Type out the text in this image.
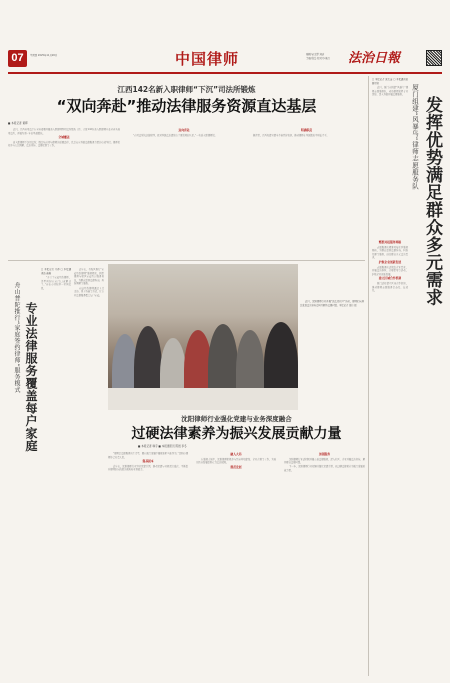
07	星期四 2025年11月20日	中国律师	编辑/苗文婷 刘洁
美编/高岳 校对/李景红	法治日報
江西142名新入职律师“下沉”司法所锻炼
“双向奔赴”推动法律服务资源直达基层
■ 本报记者 黄辉

近日，江西省司法厅在全省部署开展新入职律师到司法所锻炼工作，首批142名新入职律师分赴全省各地司法所，开展为期一年的基层锻炼。

全域覆盖

新入职律师下沉司法所，既是培养青年律师的重要途径，也是充实基层法律服务力量的有效举措。律师们将参与人民调解、法治宣传、法律援助等工作。

双向奔赴

“在司法所的这段时间，我对基层法治建设有了更直观的认识。”一名新入职律师说。

明确职责

据介绍，江西将建立健全考核评价机制，推动律师在基层锻炼中增长才干。	发挥优势满足群众多元需求
厦门组建“风暴鸟”律师志愿服务队
□ 本报记者 张太凌 □ 本报通讯员 厦司宣

近日，厦门市组建“风暴鸟”律师志愿服务队，动员律师发挥专业优势，深入基层开展法律服务。

精准对接服务网格

志愿服务队精准对接社区服务网格，为群众提供法律咨询、纠纷化解等服务，满足群众多元法治需求。

护航企业创新发展

志愿服务队还聚焦企业需求，开展法治体检、合规指导等活动，护航企业创新发展。

建立区域合作机制

厦门还将建立区域合作机制，推动律师志愿服务常态化、长效化。

舟山普陀推行“家庭签约律师”服务模式 专业法律服务覆盖每户家庭
□ 本报记者 王春 □ 本报通讯员 赖瑜

“多亏了家庭签约律师，邻里纠纷在家门口就解决了。”舟山市普陀区一位居民说。

近年来，普陀区推行“家庭签约律师”服务模式，组织律师与辖区家庭签订服务协议，为群众提供法律咨询、纠纷调解等服务。

家庭签约律师通过上门走访、线上答疑等方式，让专业法律服务覆盖每户家庭。

近日，沈阳律师行业开展“送法进社区”活动，律师们向居民发放法治宣传资料并解答法律问题。本报记者 张伟 摄

沈阳律师行业强化党建与业务深度融合
过硬法律素养为振兴发展贡献力量
■ 本报记者 韩宇 ■ 本报通讯员 陈晨 李冬

“律师是法律服务的主力军，要在振兴发展中展现新担当新作为。”沈阳市律师协会负责人说。

强基固本

近年来，沈阳律师行业坚持党建引领，推动党建与业务深度融合，不断提升律师队伍的政治素质和业务能力。

融入大局

在服务大局中，沈阳律师积极参与营商环境建设、企业合规等工作，为地方经济发展提供有力法治保障。

规范发展

加强服务

沈阳律师行业还积极开展公益法律服务，深入社区、企业开展法治宣传，解答群众法律问题。

下一步，沈阳律师行业将继续强化党建引领，以过硬法律素养为振兴发展贡献力量。
